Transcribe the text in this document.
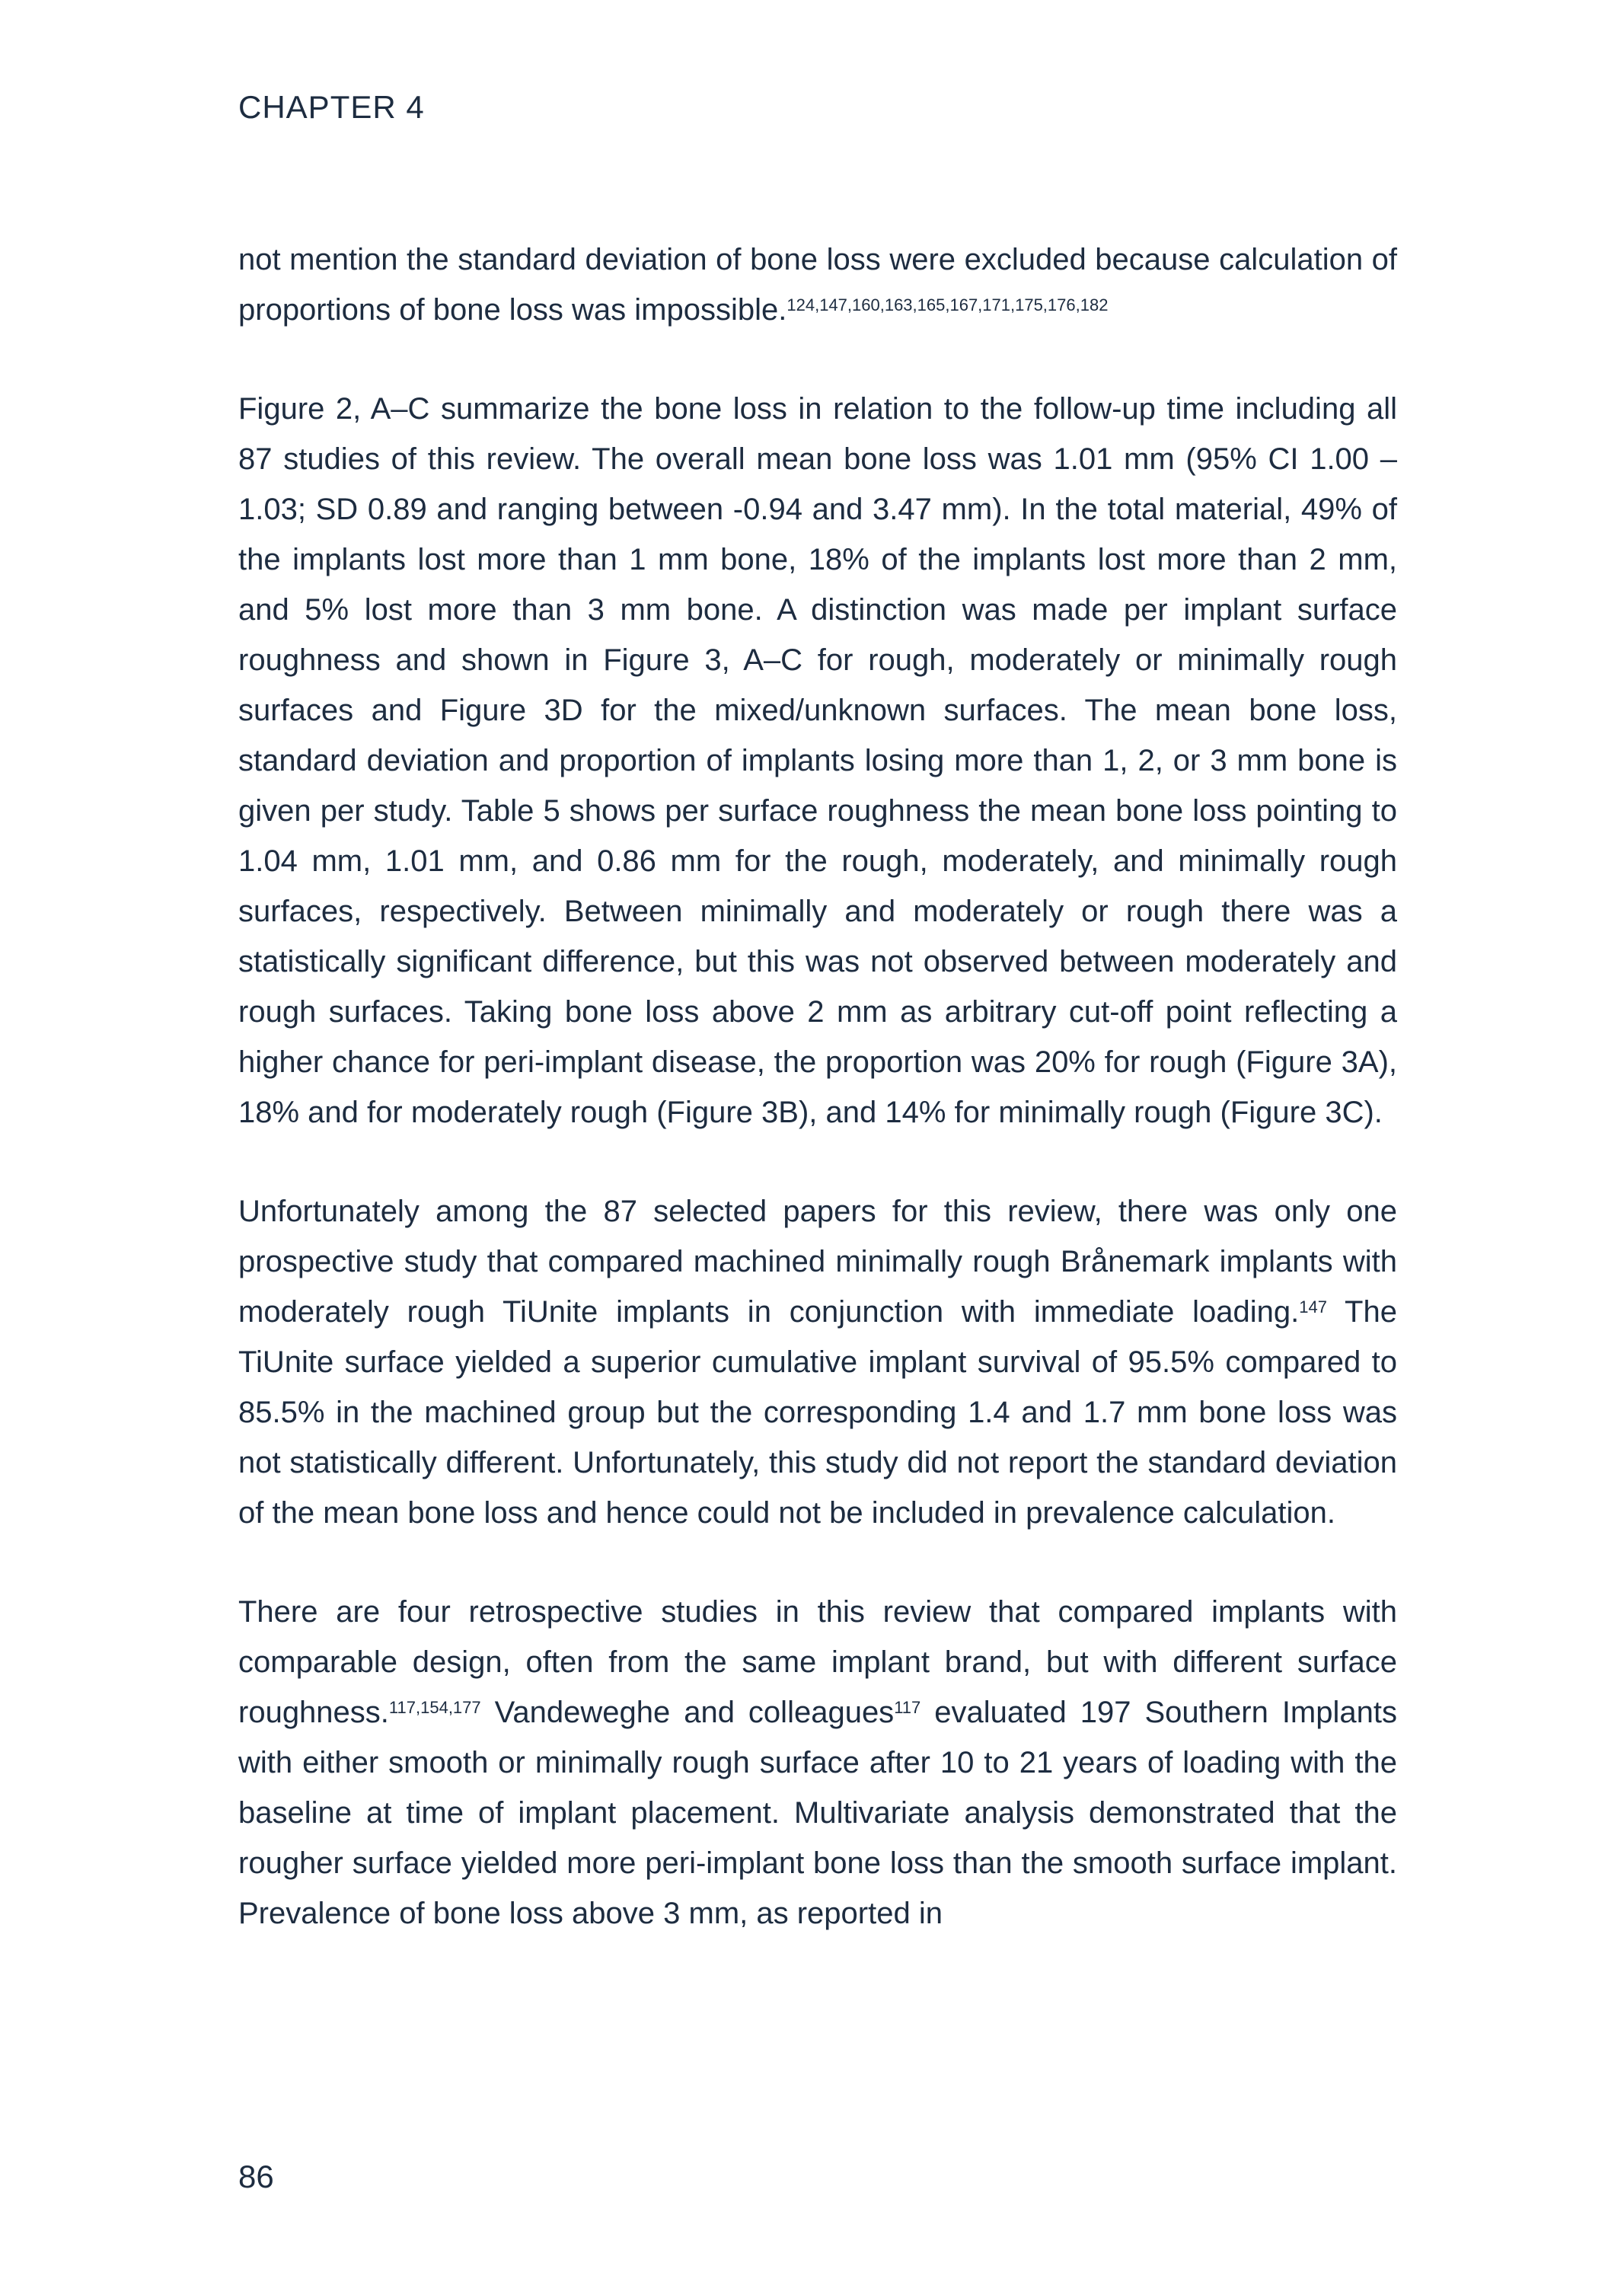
CHAPTER 4

not mention the standard deviation of bone loss were excluded because calculation of proportions of bone loss was impossible.$^{124,147,160,163,165,167,171,175,176,182}$

Figure 2, A–C summarize the bone loss in relation to the follow-up time including all 87 studies of this review. The overall mean bone loss was 1.01 mm (95% CI 1.00 – 1.03; SD 0.89 and ranging between -0.94 and 3.47 mm). In the total material, 49% of the implants lost more than 1 mm bone, 18% of the implants lost more than 2 mm, and 5% lost more than 3 mm bone. A distinction was made per implant surface roughness and shown in Figure 3, A–C for rough, moderately or minimally rough surfaces and Figure 3D for the mixed/unknown surfaces. The mean bone loss, standard deviation and proportion of implants losing more than 1, 2, or 3 mm bone is given per study. Table 5 shows per surface roughness the mean bone loss pointing to 1.04 mm, 1.01 mm, and 0.86 mm for the rough, moderately, and minimally rough surfaces, respectively. Between minimally and moderately or rough there was a statistically significant difference, but this was not observed between moderately and rough surfaces. Taking bone loss above 2 mm as arbitrary cut-off point reflecting a higher chance for peri-implant disease, the proportion was 20% for rough (Figure 3A), 18% and for moderately rough (Figure 3B), and 14% for minimally rough (Figure 3C).

Unfortunately among the 87 selected papers for this review, there was only one prospective study that compared machined minimally rough Brånemark implants with moderately rough TiUnite implants in conjunction with immediate loading.$^{147}$ The TiUnite surface yielded a superior cumulative implant survival of 95.5% compared to 85.5% in the machined group but the corresponding 1.4 and 1.7 mm bone loss was not statistically different. Unfortunately, this study did not report the standard deviation of the mean bone loss and hence could not be included in prevalence calculation.

There are four retrospective studies in this review that compared implants with comparable design, often from the same implant brand, but with different surface roughness.$^{117,154,177}$ Vandeweghe and colleagues$^{117}$ evaluated 197 Southern Implants with either smooth or minimally rough surface after 10 to 21 years of loading with the baseline at time of implant placement. Multivariate analysis demonstrated that the rougher surface yielded more peri-implant bone loss than the smooth surface implant. Prevalence of bone loss above 3 mm, as reported in

86
